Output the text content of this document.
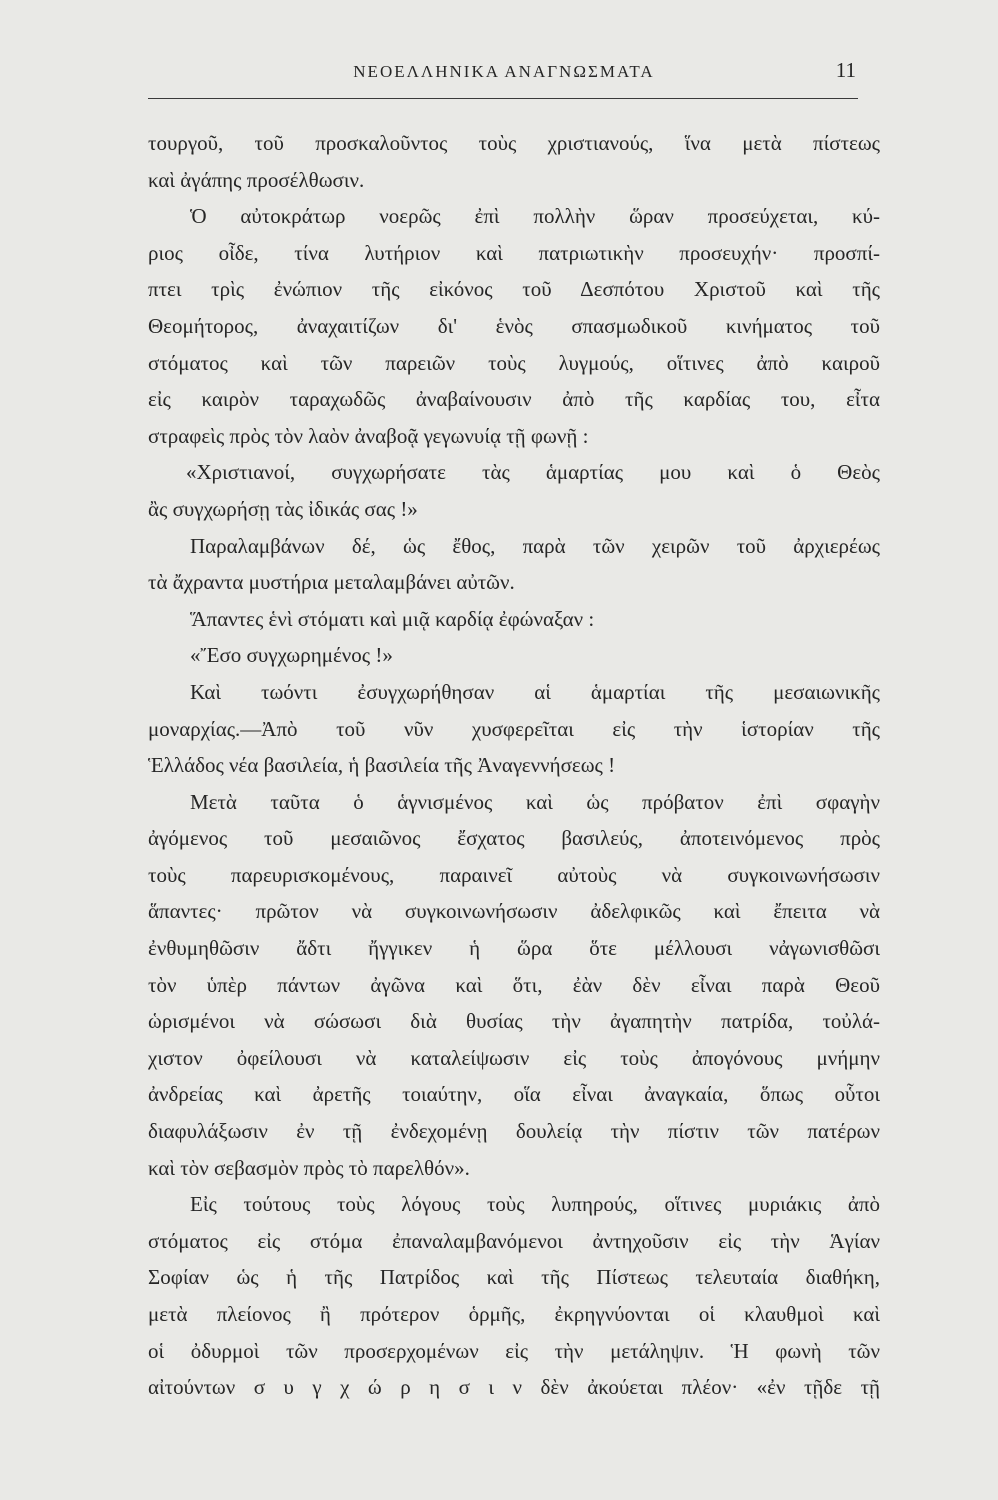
ΝΕΟΕΛΛΗΝΙΚΑ ΑΝΑΓΝΩΣΜΑΤΑ	11
τουργοῦ, τοῦ προσκαλοῦντος τοὺς χριστιανούς, ἵνα μετὰ πίστεως
καὶ ἀγάπης προσέλθωσιν.
Ὁ αὐτοκράτωρ νοερῶς ἐπὶ πολλὴν ὥραν προσεύχεται, κύ-
ριος οἶδε, τίνα λυτήριον καὶ πατριωτικὴν προσευχήν· προσπί-
πτει τρὶς ἐνώπιον τῆς εἰκόνος τοῦ Δεσπότου Χριστοῦ καὶ τῆς
Θεομήτορος, ἀναχαιτίζων δι' ἑνὸς σπασμωδικοῦ κινήματος τοῦ
στόματος καὶ τῶν παρειῶν τοὺς λυγμούς, οἵτινες ἀπὸ καιροῦ
εἰς καιρὸν ταραχωδῶς ἀναβαίνουσιν ἀπὸ τῆς καρδίας του, εἶτα
στραφεὶς πρὸς τὸν λαὸν ἀναβοᾷ γεγωνυίᾳ τῇ φωνῇ :
«Χριστιανοί, συγχωρήσατε τὰς ἁμαρτίας μου καὶ ὁ Θεὸς
ἂς συγχωρήσῃ τὰς ἰδικάς σας !»
Παραλαμβάνων δέ, ὡς ἔθος, παρὰ τῶν χειρῶν τοῦ ἀρχιερέως
τὰ ἄχραντα μυστήρια μεταλαμβάνει αὐτῶν.
Ἅπαντες ἑνὶ στόματι καὶ μιᾷ καρδίᾳ ἐφώναξαν :
«Ἔσο συγχωρημένος !»
Καὶ τωόντι ἐσυγχωρήθησαν αἱ ἁμαρτίαι τῆς μεσαιωνικῆς
μοναρχίας.—Ἀπὸ τοῦ νῦν χυσφερεῖται εἰς τὴν ἱστορίαν τῆς
Ἑλλάδος νέα βασιλεία, ἡ βασιλεία τῆς Ἀναγεννήσεως !
Μετὰ ταῦτα ὁ ἁγνισμένος καὶ ὡς πρόβατον ἐπὶ σφαγὴν
ἀγόμενος τοῦ μεσαιῶνος ἔσχατος βασιλεύς, ἀποτεινόμενος πρὸς
τοὺς παρευρισκομένους, παραινεῖ αὐτοὺς νὰ συγκοινωνήσωσιν
ἅπαντες· πρῶτον νὰ συγκοινωνήσωσιν ἀδελφικῶς καὶ ἔπειτα νὰ
ἐνθυμηθῶσιν ἄδτι ἤγγικεν ἡ ὥρα ὅτε μέλλουσι νἀγωνισθῶσι
τὸν ὑπὲρ πάντων ἀγῶνα καὶ ὅτι, ἐὰν δὲν εἶναι παρὰ Θεοῦ
ὡρισμένοι νὰ σώσωσι διὰ θυσίας τὴν ἀγαπητὴν πατρίδα, τοὐλά-
χιστον ὀφείλουσι νὰ καταλείψωσιν εἰς τοὺς ἀπογόνους μνήμην
ἀνδρείας καὶ ἀρετῆς τοιαύτην, οἵα εἶναι ἀναγκαία, ὅπως οὗτοι
διαφυλάξωσιν ἐν τῇ ἐνδεχομένῃ δουλείᾳ τὴν πίστιν τῶν πατέρων
καὶ τὸν σεβασμὸν πρὸς τὸ παρελθόν».
Εἰς τούτους τοὺς λόγους τοὺς λυπηρούς, οἵτινες μυριάκις ἀπὸ
στόματος εἰς στόμα ἐπαναλαμβανόμενοι ἀντηχοῦσιν εἰς τὴν Ἁγίαν
Σοφίαν ὡς ἡ τῆς Πατρίδος καὶ τῆς Πίστεως τελευταία διαθήκη,
μετὰ πλείονος ἢ πρότερον ὁρμῆς, ἐκρηγνύονται οἱ κλαυθμοὶ καὶ
οἱ ὀδυρμοὶ τῶν προσερχομένων εἰς τὴν μετάληψιν. Ἡ φωνὴ τῶν
αἰτούντων σ υ γ χ ώ ρ η σ ι ν δὲν ἀκούεται πλέον· «ἐν τῇδε τῇ
